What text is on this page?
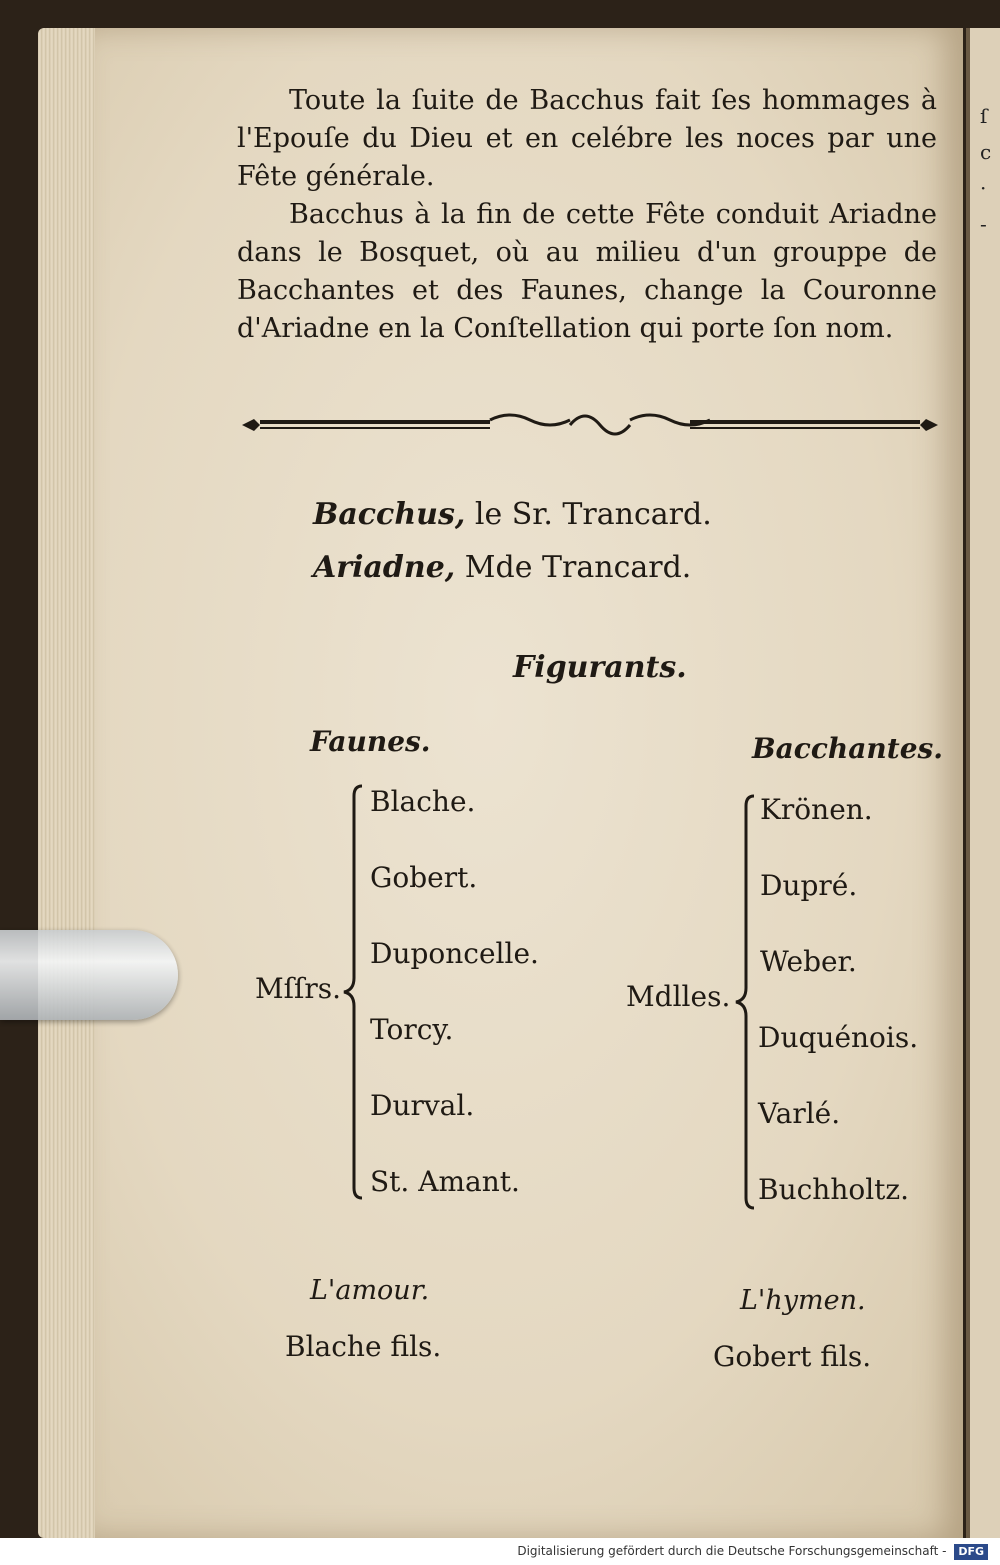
ſ
c
·
-
Toute la ſuite de Bacchus fait ſes hommages à l'Epouſe du Dieu et en celébre les noces par une Fête générale.
Bacchus à la fin de cette Fête conduit Ariadne dans le Bosquet, où au milieu d'un grouppe de Bacchantes et des Faunes, change la Couronne d'Ariadne en la Conſtellation qui porte ſon nom.
Bacchus, le Sr. Trancard.
Ariadne, Mde Trancard.
Figurants.
Faunes.
Mſſrs.
Blache.
Gobert.
Duponcelle.
Torcy.
Durval.
St. Amant.
Bacchantes.
Mdlles.
Krönen.
Dupré.
Weber.
Duquénois.
Varlé.
Buchholtz.
L'amour.
Blache fils.
L'hymen.
Gobert fils.
Digitalisierung gefördert durch die Deutsche Forschungsgemeinschaft - DFG
